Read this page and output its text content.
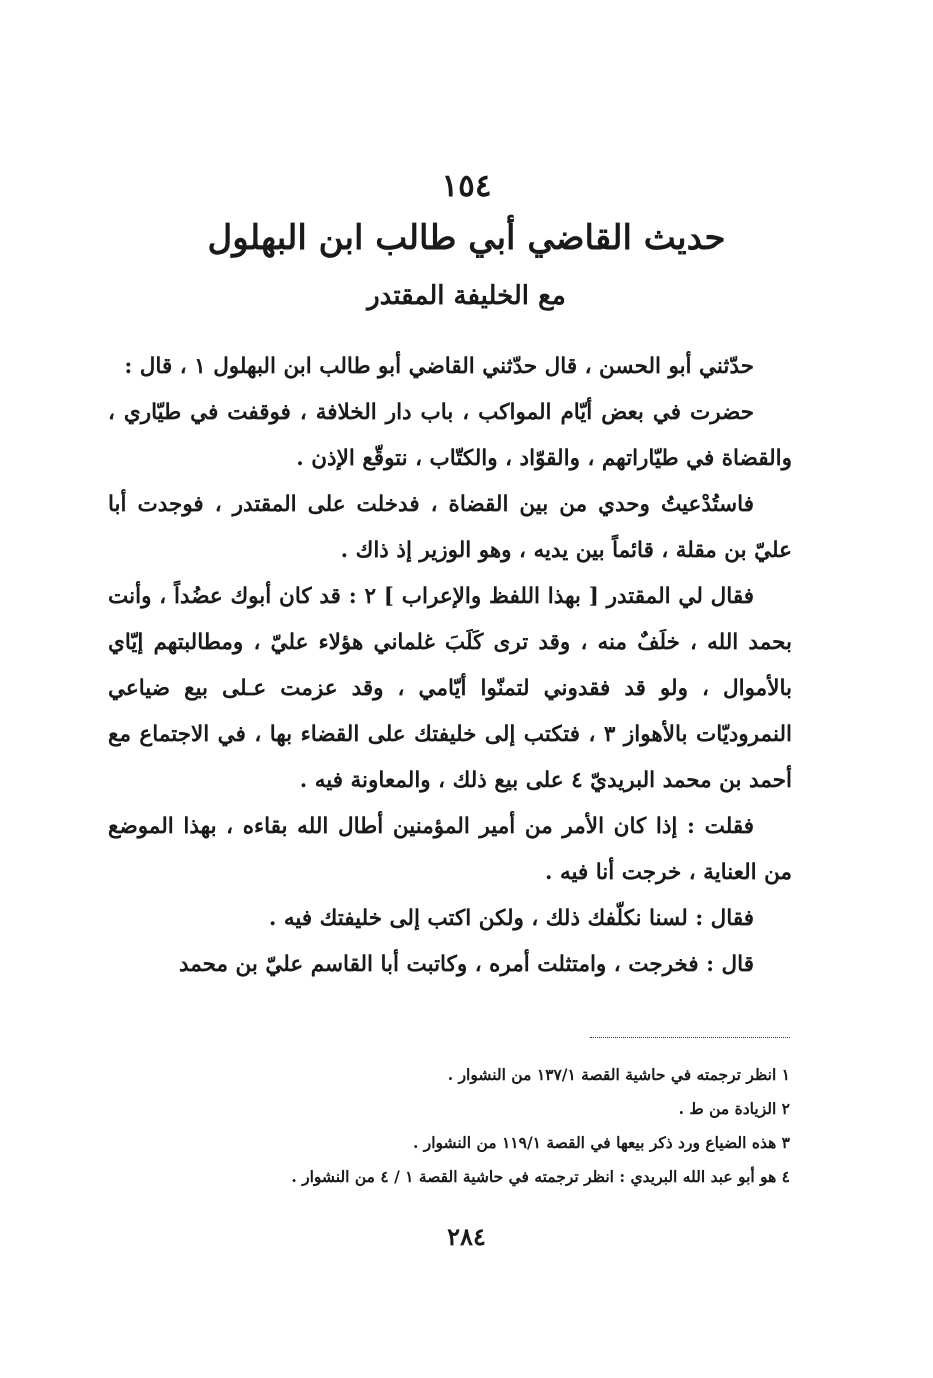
١٥٤
حديث القاضي أبي طالب ابن البهلول
مع الخليفة المقتدر

حدّثني أبو الحسن ، قال حدّثني القاضي أبو طالب ابن البهلول ١ ، قال :

حضرت في بعض أيّام المواكب ، باب دار الخلافة ، فوقفت في طيّاري ، والقضاة في طيّاراتهم ، والقوّاد ، والكتّاب ، نتوقّع الإذن .

فاستُدْعيتُ وحدي من بين القضاة ، فدخلت على المقتدر ، فوجدت أبا عليّ بن مقلة ، قائماً بين يديه ، وهو الوزير إذ ذاك .

فقال لي المقتدر [ بهذا اللفظ والإعراب ] ٢ : قد كان أبوك عضُداً ، وأنت بحمد الله ، خلَفٌ منه ، وقد ترى كَلَبَ غلماني هؤلاء عليّ ، ومطالبتهم إيّاي بالأموال ، ولو قد فقدوني لتمنّوا أيّامي ، وقد عزمت عـلى بيع ضياعي النمروديّات بالأهواز ٣ ، فتكتب إلى خليفتك على القضاء بها ، في الاجتماع مع أحمد بن محمد البريديّ ٤ على بيع ذلك ، والمعاونة فيه .

فقلت : إذا كان الأمر من أمير المؤمنين أطال الله بقاءه ، بهذا الموضع من العناية ، خرجت أنا فيه .

فقال : لسنا نكلّفك ذلك ، ولكن اكتب إلى خليفتك فيه .

قال : فخرجت ، وامتثلت أمره ، وكاتبت أبا القاسم عليّ بن محمد

١ انظر ترجمته في حاشية القصة ١٣٧/١ من النشوار .
٢ الزيادة من ط .
٣ هذه الضياع ورد ذكر بيعها في القصة ١١٩/١ من النشوار .
٤ هو أبو عبد الله البريدي : انظر ترجمته في حاشية القصة ١ / ٤ من النشوار .
٢٨٤
